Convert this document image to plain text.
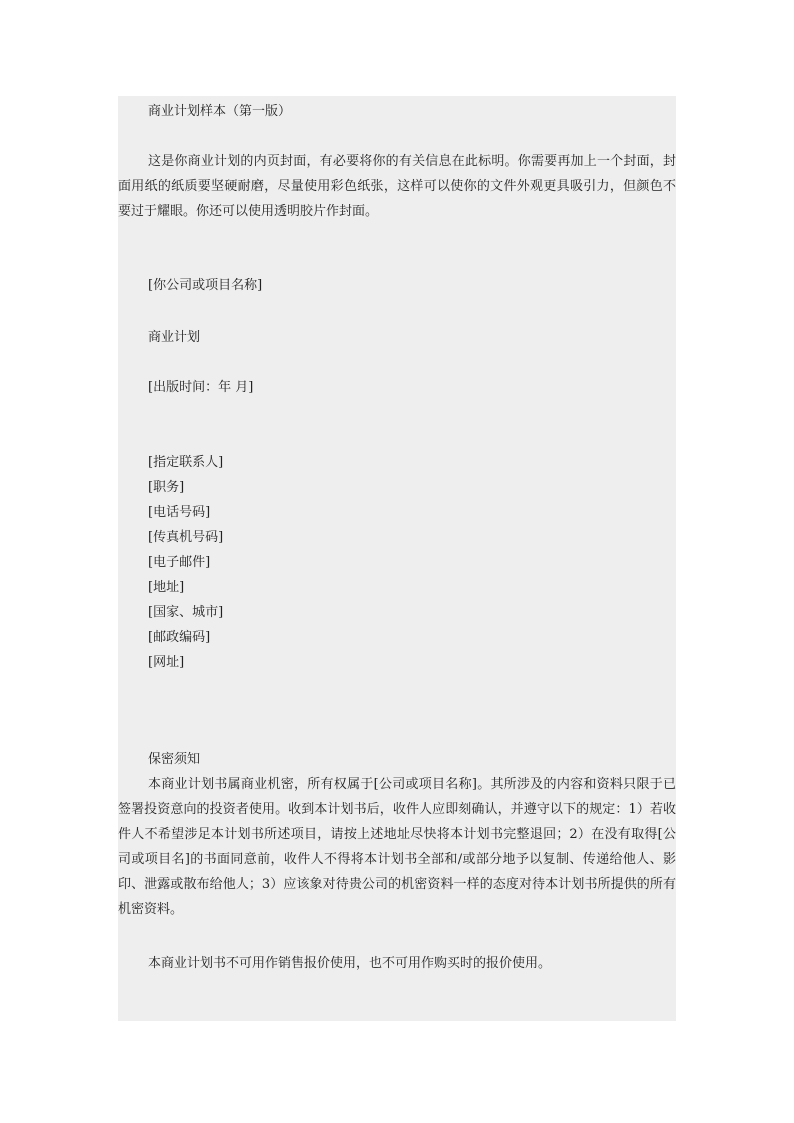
商业计划样本（第一版）
这是你商业计划的内页封面，有必要将你的有关信息在此标明。你需要再加上一个封面，封面用纸的纸质要坚硬耐磨，尽量使用彩色纸张，这样可以使你的文件外观更具吸引力，但颜色不要过于耀眼。你还可以使用透明胶片作封面。
[你公司或项目名称]
商业计划
[出版时间：年 月]
[指定联系人]
[职务]
[电话号码]
[传真机号码]
[电子邮件]
[地址]
[国家、城市]
[邮政编码]
[网址]
保密须知
本商业计划书属商业机密，所有权属于[公司或项目名称]。其所涉及的内容和资料只限于已签署投资意向的投资者使用。收到本计划书后，收件人应即刻确认，并遵守以下的规定：1）若收件人不希望涉足本计划书所述项目，请按上述地址尽快将本计划书完整退回；2）在没有取得[公司或项目名]的书面同意前，收件人不得将本计划书全部和/或部分地予以复制、传递给他人、影印、泄露或散布给他人；3）应该象对待贵公司的机密资料一样的态度对待本计划书所提供的所有机密资料。
本商业计划书不可用作销售报价使用，也不可用作购买时的报价使用。
